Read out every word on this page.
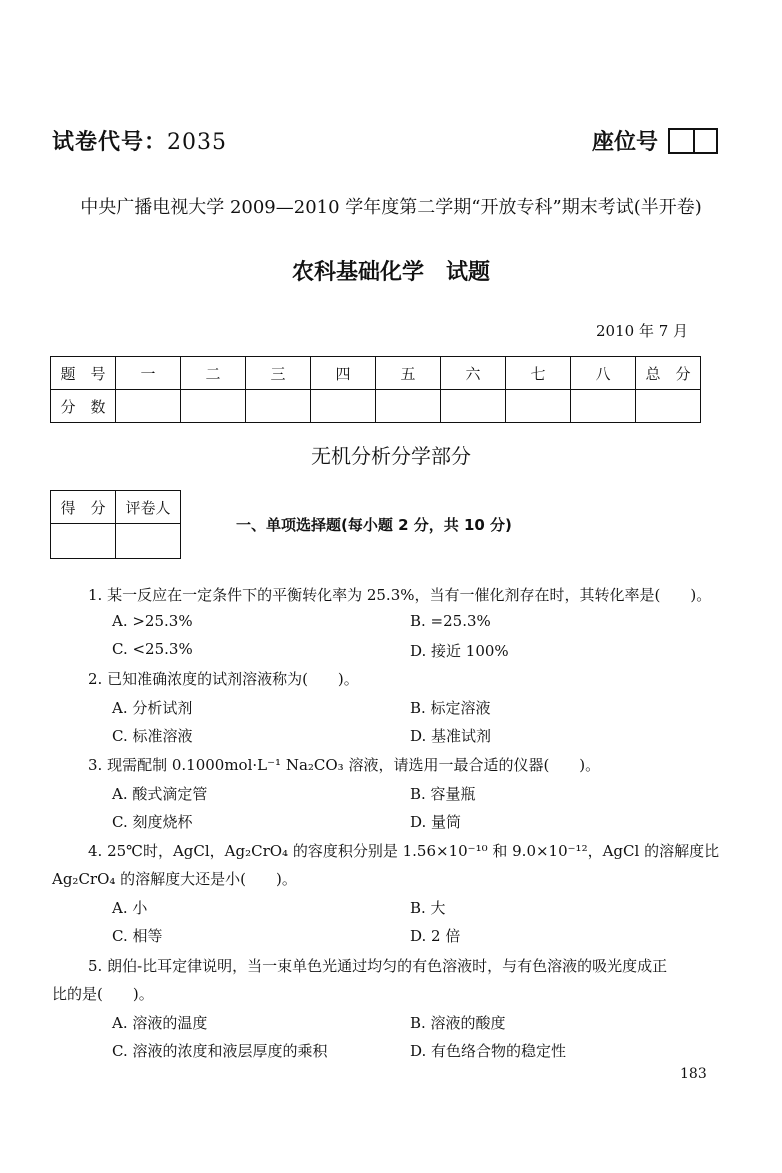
试卷代号：2035	座位号
中央广播电视大学 2009—2010 学年度第二学期“开放专科”期末考试(半开卷)
农科基础化学　试题
2010 年 7 月
题　号	一	二	三	四	五	六	七	八	总　分
分　数									
无机分析分学部分
得　分	评卷人

一、单项选择题(每小题 2 分，共 10 分)
1. 某一反应在一定条件下的平衡转化率为 25.3%，当有一催化剂存在时，其转化率是(　　)。
A. >25.3%	B. =25.3%
C. <25.3%	D. 接近 100%
2. 已知准确浓度的试剂溶液称为(　　)。
A. 分析试剂	B. 标定溶液
C. 标准溶液	D. 基准试剂
3. 现需配制 0.1000mol·L⁻¹ Na₂CO₃ 溶液，请选用一最合适的仪器(　　)。
A. 酸式滴定管	B. 容量瓶
C. 刻度烧杯	D. 量筒
4. 25℃时，AgCl，Ag₂CrO₄ 的容度积分别是 1.56×10⁻¹⁰ 和 9.0×10⁻¹²，AgCl 的溶解度比
Ag₂CrO₄ 的溶解度大还是小(　　)。
A. 小	B. 大
C. 相等	D. 2 倍
5. 朗伯-比耳定律说明，当一束单色光通过均匀的有色溶液时，与有色溶液的吸光度成正
比的是(　　)。
A. 溶液的温度	B. 溶液的酸度
C. 溶液的浓度和液层厚度的乘积	D. 有色络合物的稳定性
183
